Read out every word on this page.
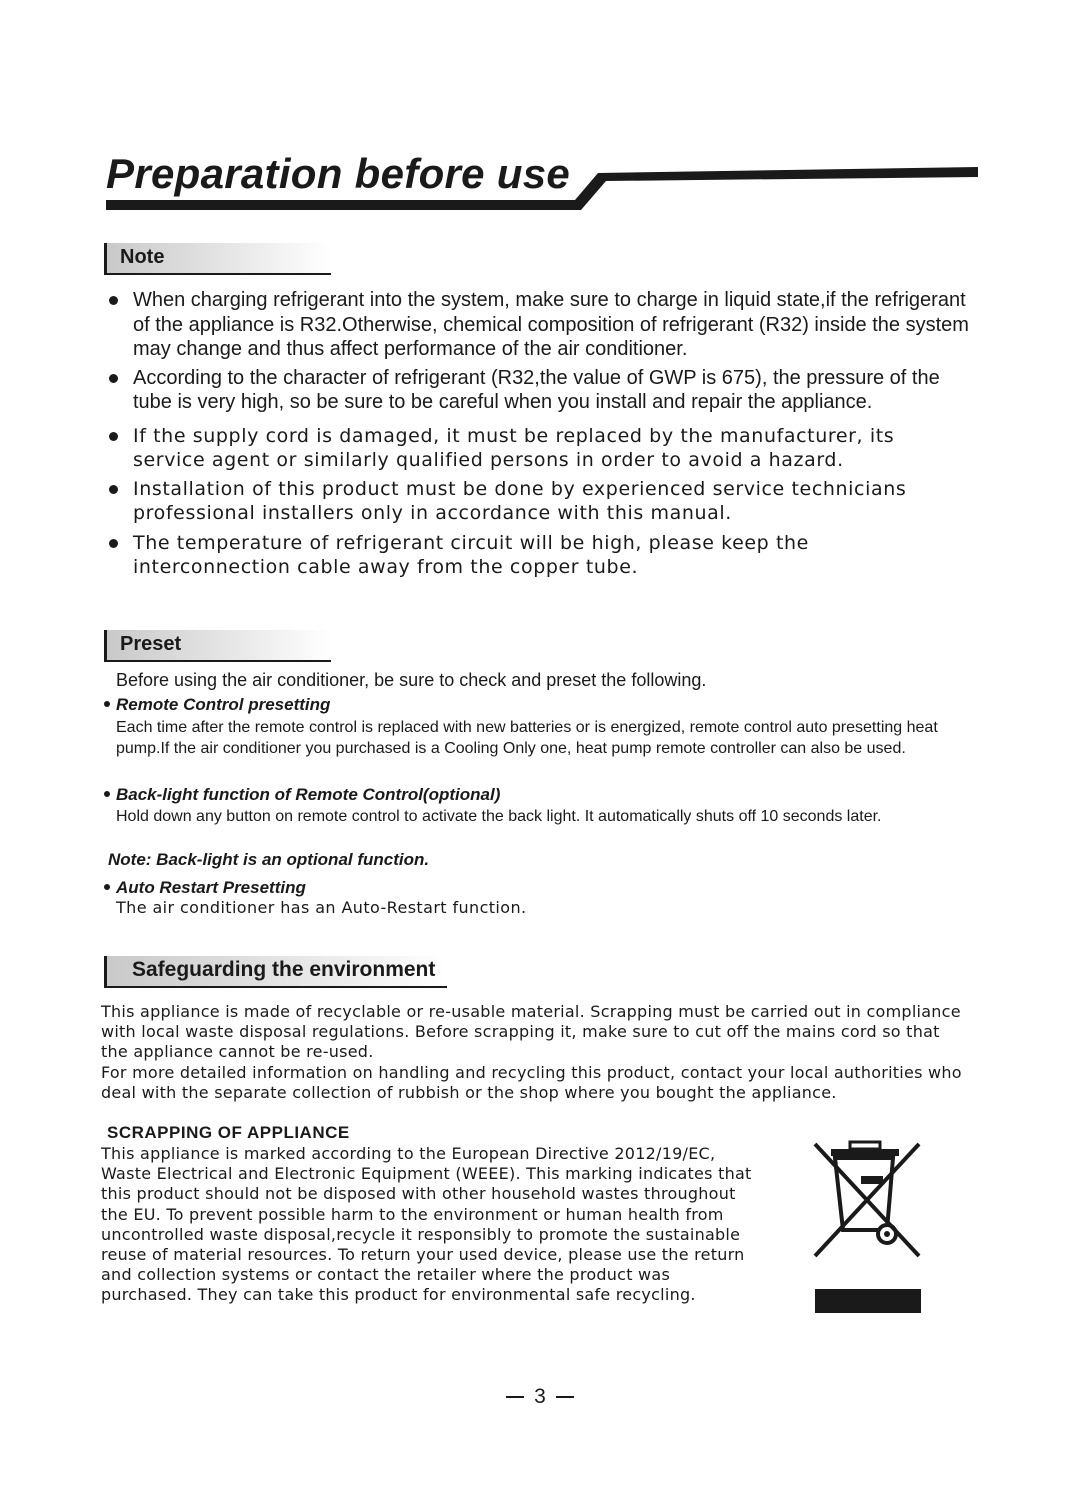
Preparation before use
Note
When charging refrigerant into the system, make sure to charge in liquid state,if the refrigerant of the appliance is R32.Otherwise, chemical composition of refrigerant (R32) inside the system may change and thus affect performance of the air conditioner.
According to the character of refrigerant (R32,the value of GWP is 675), the pressure of the tube is very high, so be sure to be careful when you install and repair the appliance.
If the supply cord is damaged, it must be replaced by the manufacturer, its service agent or similarly qualified persons in order to avoid a hazard.
Installation of this product must be done by experienced service technicians professional installers only in accordance with this manual.
The temperature of refrigerant circuit will be high, please keep the interconnection cable away from the copper tube.
Preset
Before using the air conditioner, be sure to check and preset the following.
Remote Control presetting
Each time after the remote control is replaced with new batteries or is energized, remote control auto presetting heat pump.If the air conditioner you purchased is a Cooling Only one, heat pump remote controller can also be used.
Back-light function of Remote Control(optional)
Hold down any button on remote control to activate the back light. It automatically shuts off 10 seconds later.
Note: Back-light is an optional function.
Auto Restart Presetting
The air conditioner has an Auto-Restart function.
Safeguarding the environment
This appliance is made of recyclable or re-usable material. Scrapping must be carried out in compliance with local waste disposal regulations. Before scrapping it, make sure to cut off the mains cord so that the appliance cannot be re-used.
For more detailed information on handling and recycling this product, contact your local authorities who deal with the separate collection of rubbish or the shop where you bought the appliance.
SCRAPPING OF APPLIANCE
This appliance is marked according to the European Directive 2012/19/EC, Waste Electrical and Electronic Equipment (WEEE). This marking indicates that this product should not be disposed with other household wastes throughout the EU. To prevent possible harm to the environment or human health from uncontrolled waste disposal,recycle it responsibly to promote the sustainable reuse of material resources. To return your used device, please use the return and collection systems or contact the retailer where the product was purchased. They can take this product for environmental safe recycling.
3
